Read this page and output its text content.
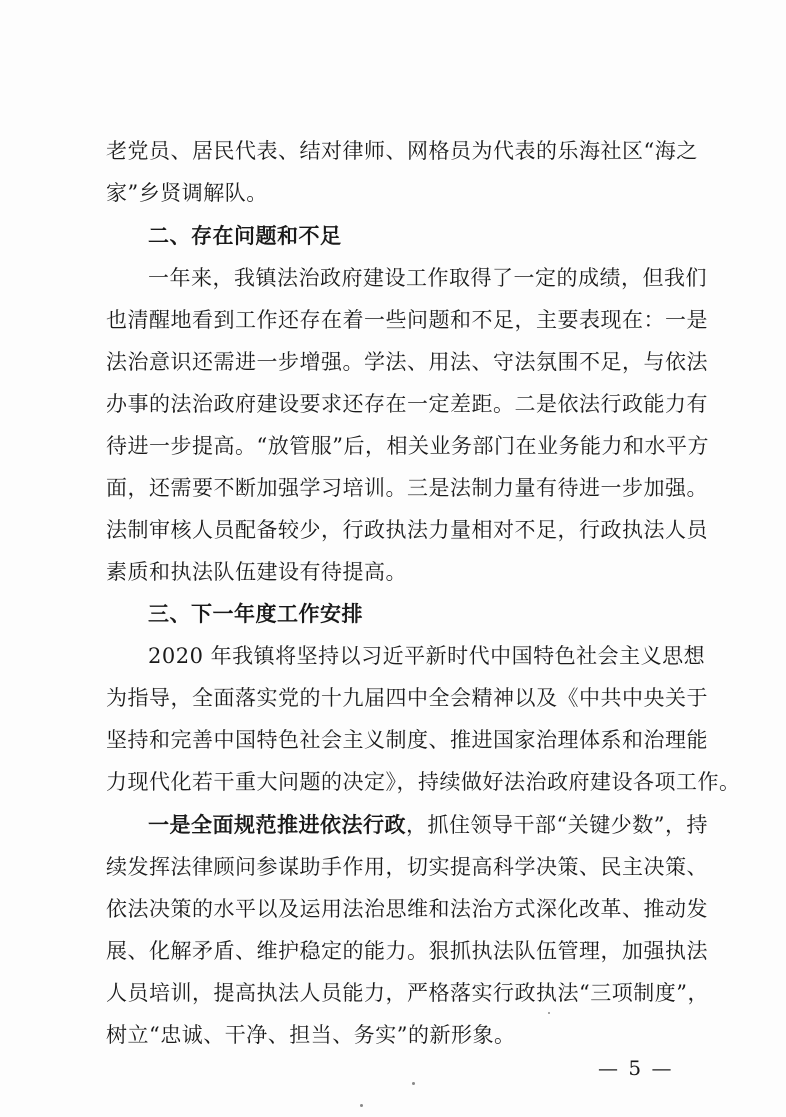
老党员、居民代表、结对律师、网格员为代表的乐海社区“海之
家”乡贤调解队。
二、存在问题和不足
一年来，我镇法治政府建设工作取得了一定的成绩，但我们
也清醒地看到工作还存在着一些问题和不足，主要表现在：一是
法治意识还需进一步增强。学法、用法、守法氛围不足，与依法
办事的法治政府建设要求还存在一定差距。二是依法行政能力有
待进一步提高。“放管服”后，相关业务部门在业务能力和水平方
面，还需要不断加强学习培训。三是法制力量有待进一步加强。
法制审核人员配备较少，行政执法力量相对不足，行政执法人员
素质和执法队伍建设有待提高。
三、下一年度工作安排
2020 年我镇将坚持以习近平新时代中国特色社会主义思想
为指导，全面落实党的十九届四中全会精神以及《中共中央关于
坚持和完善中国特色社会主义制度、推进国家治理体系和治理能
力现代化若干重大问题的决定》，持续做好法治政府建设各项工作。
一是全面规范推进依法行政，抓住领导干部“关键少数”，持
续发挥法律顾问参谋助手作用，切实提高科学决策、民主决策、
依法决策的水平以及运用法治思维和法治方式深化改革、推动发
展、化解矛盾、维护稳定的能力。狠抓执法队伍管理，加强执法
人员培训，提高执法人员能力，严格落实行政执法“三项制度”，
树立“忠诚、干净、担当、务实”的新形象。
— 5 —
